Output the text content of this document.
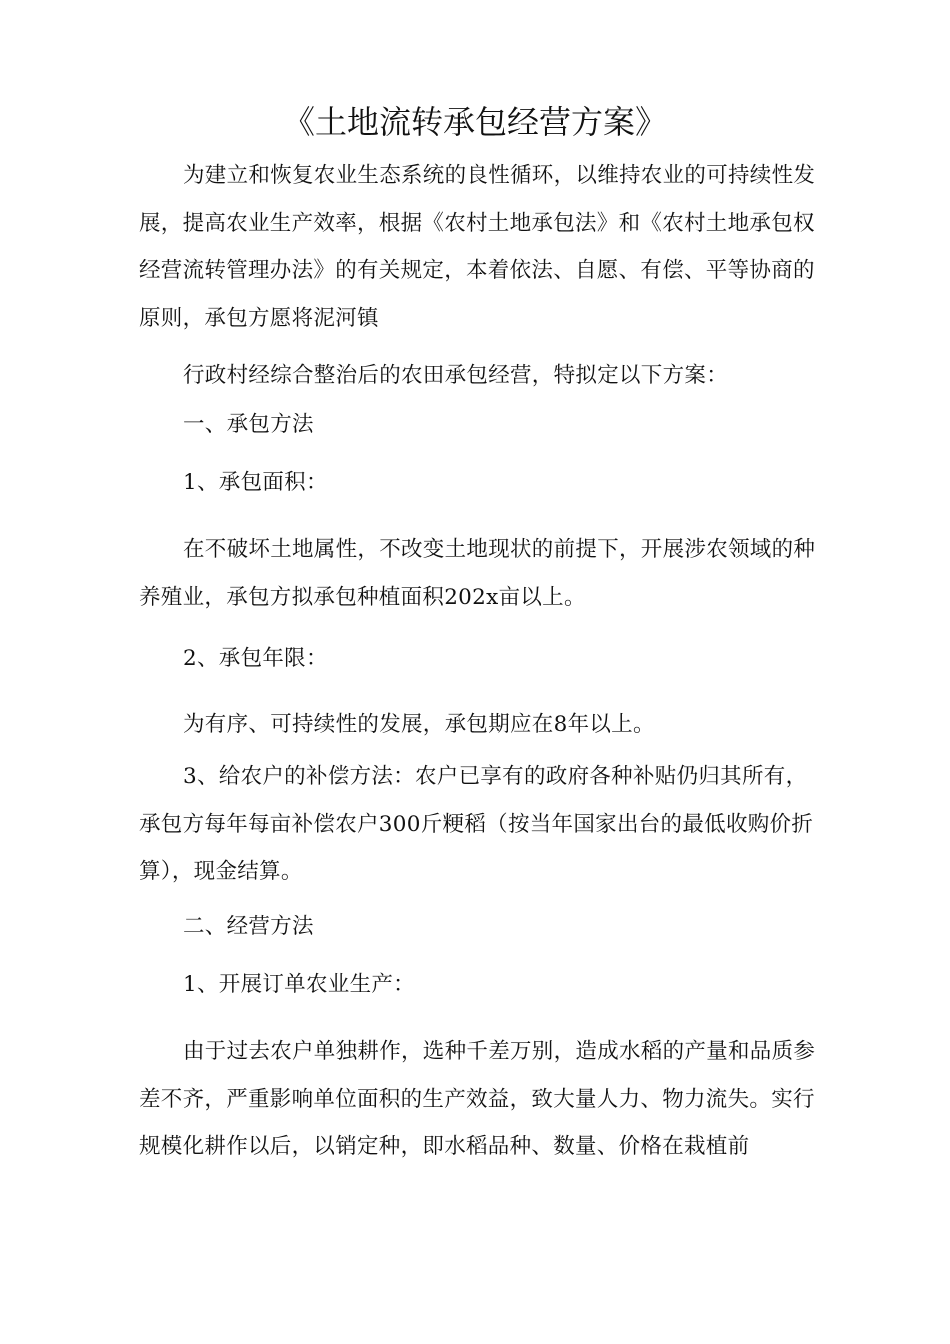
《土地流转承包经营方案》

为建立和恢复农业生态系统的良性循环，以维持农业的可持续性发展，提高农业生产效率，根据《农村土地承包法》和《农村土地承包权经营流转管理办法》的有关规定，本着依法、自愿、有偿、平等协商的原则，承包方愿将泥河镇

行政村经综合整治后的农田承包经营，特拟定以下方案：

一、承包方法

1、承包面积：

在不破坏土地属性，不改变土地现状的前提下，开展涉农领域的种养殖业，承包方拟承包种植面积202x亩以上。

2、承包年限：

为有序、可持续性的发展，承包期应在8年以上。

3、给农户的补偿方法：农户已享有的政府各种补贴仍归其所有，承包方每年每亩补偿农户300斤粳稻（按当年国家出台的最低收购价折算），现金结算。

二、经营方法

1、开展订单农业生产：

由于过去农户单独耕作，选种千差万别，造成水稻的产量和品质参差不齐，严重影响单位面积的生产效益，致大量人力、物力流失。实行规模化耕作以后，以销定种，即水稻品种、数量、价格在栽植前
